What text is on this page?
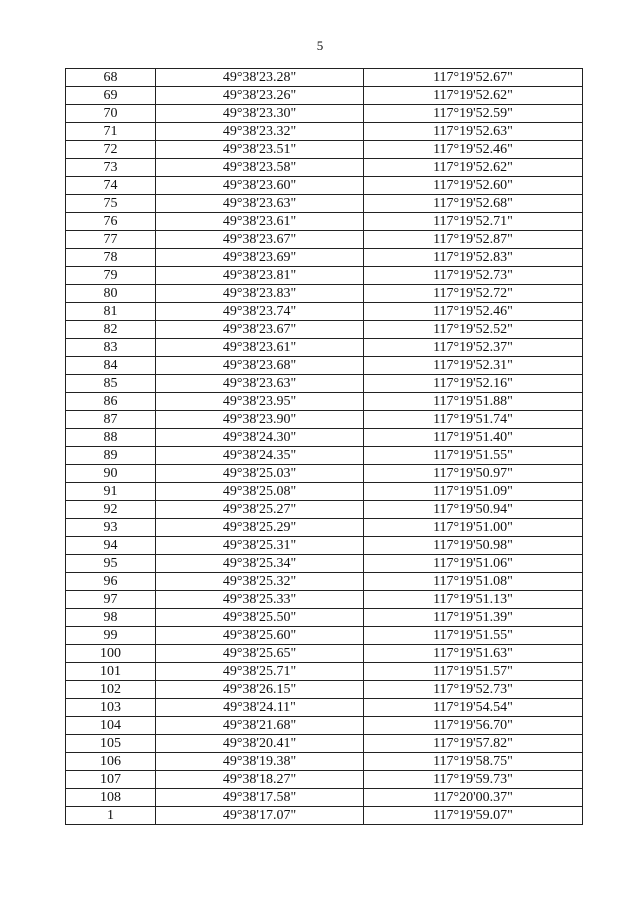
5
68	49°38'23.28"	117°19'52.67"
69	49°38'23.26"	117°19'52.62"
70	49°38'23.30"	117°19'52.59"
71	49°38'23.32"	117°19'52.63"
72	49°38'23.51"	117°19'52.46"
73	49°38'23.58"	117°19'52.62"
74	49°38'23.60"	117°19'52.60"
75	49°38'23.63"	117°19'52.68"
76	49°38'23.61"	117°19'52.71"
77	49°38'23.67"	117°19'52.87"
78	49°38'23.69"	117°19'52.83"
79	49°38'23.81"	117°19'52.73"
80	49°38'23.83"	117°19'52.72"
81	49°38'23.74"	117°19'52.46"
82	49°38'23.67"	117°19'52.52"
83	49°38'23.61"	117°19'52.37"
84	49°38'23.68"	117°19'52.31"
85	49°38'23.63"	117°19'52.16"
86	49°38'23.95"	117°19'51.88"
87	49°38'23.90"	117°19'51.74"
88	49°38'24.30"	117°19'51.40"
89	49°38'24.35"	117°19'51.55"
90	49°38'25.03"	117°19'50.97"
91	49°38'25.08"	117°19'51.09"
92	49°38'25.27"	117°19'50.94"
93	49°38'25.29"	117°19'51.00"
94	49°38'25.31"	117°19'50.98"
95	49°38'25.34"	117°19'51.06"
96	49°38'25.32"	117°19'51.08"
97	49°38'25.33"	117°19'51.13"
98	49°38'25.50"	117°19'51.39"
99	49°38'25.60"	117°19'51.55"
100	49°38'25.65"	117°19'51.63"
101	49°38'25.71"	117°19'51.57"
102	49°38'26.15"	117°19'52.73"
103	49°38'24.11"	117°19'54.54"
104	49°38'21.68"	117°19'56.70"
105	49°38'20.41"	117°19'57.82"
106	49°38'19.38"	117°19'58.75"
107	49°38'18.27"	117°19'59.73"
108	49°38'17.58"	117°20'00.37"
1	49°38'17.07"	117°19'59.07"
